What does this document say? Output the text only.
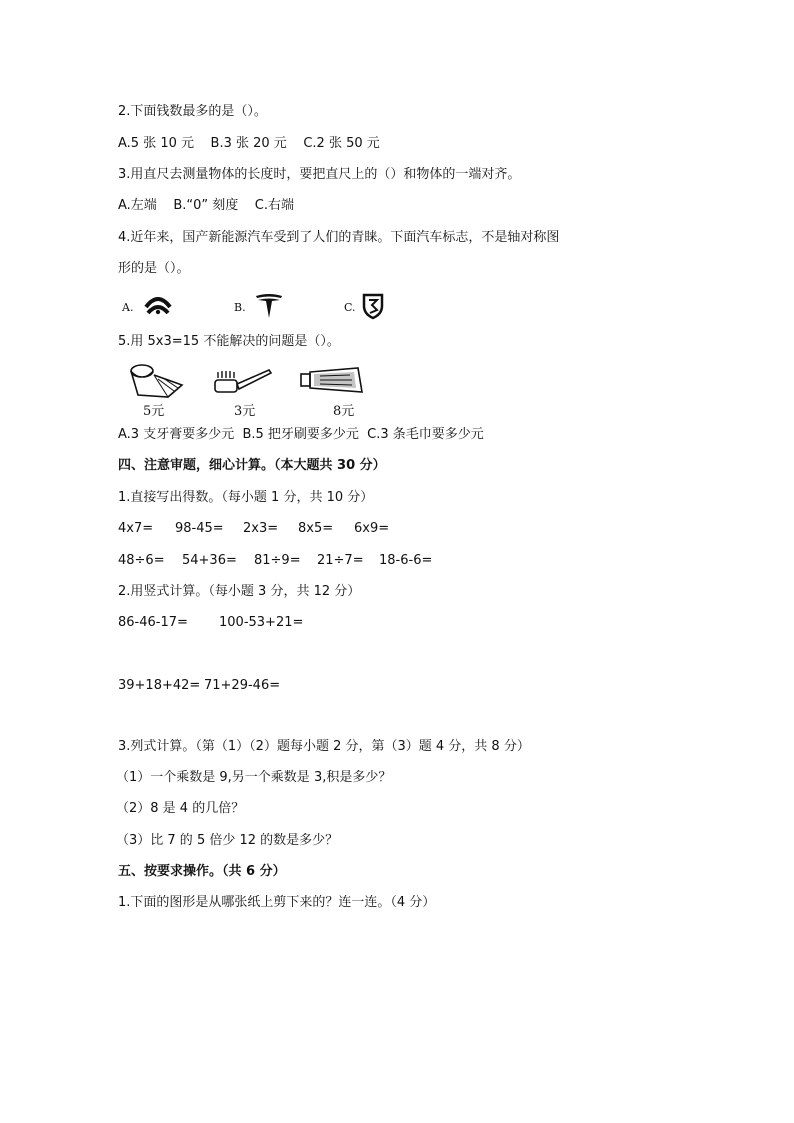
2.下面钱数最多的是（）。

A.5 张 10 元    B.3 张 20 元    C.2 张 50 元

3.用直尺去测量物体的长度时，要把直尺上的（）和物体的一端对齐。

A.左端    B.“0” 刻度    C.右端

4.近年来，国产新能源汽车受到了人们的青睐。下面汽车标志，不是轴对称图

形的是（）。

A.	B.	C.

5.用 5x3=15 不能解决的问题是（）。

5元	3元	8元

A.3 支牙膏要多少元  B.5 把牙刷要多少元  C.3 条毛巾要多少元

四、注意审题，细心计算。（本大题共 30 分）

1.直接写出得数。（每小题 1 分，共 10 分）

4x7= 98-45= 2x3= 8x5= 6x9=
48÷6= 54+36= 81÷9= 21÷7= 18-6-6=

2.用竖式计算。（每小题 3 分，共 12 分）

86-46-17= 100-53+21=
39+18+42= 71+29-46=

3.列式计算。（第（1）（2）题每小题 2 分，第（3）题 4 分，共 8 分）

（1）一个乘数是 9,另一个乘数是 3,积是多少？

（2）8 是 4 的几倍？

（3）比 7 的 5 倍少 12 的数是多少？

五、按要求操作。（共 6 分）

1.下面的图形是从哪张纸上剪下来的？连一连。（4 分）
